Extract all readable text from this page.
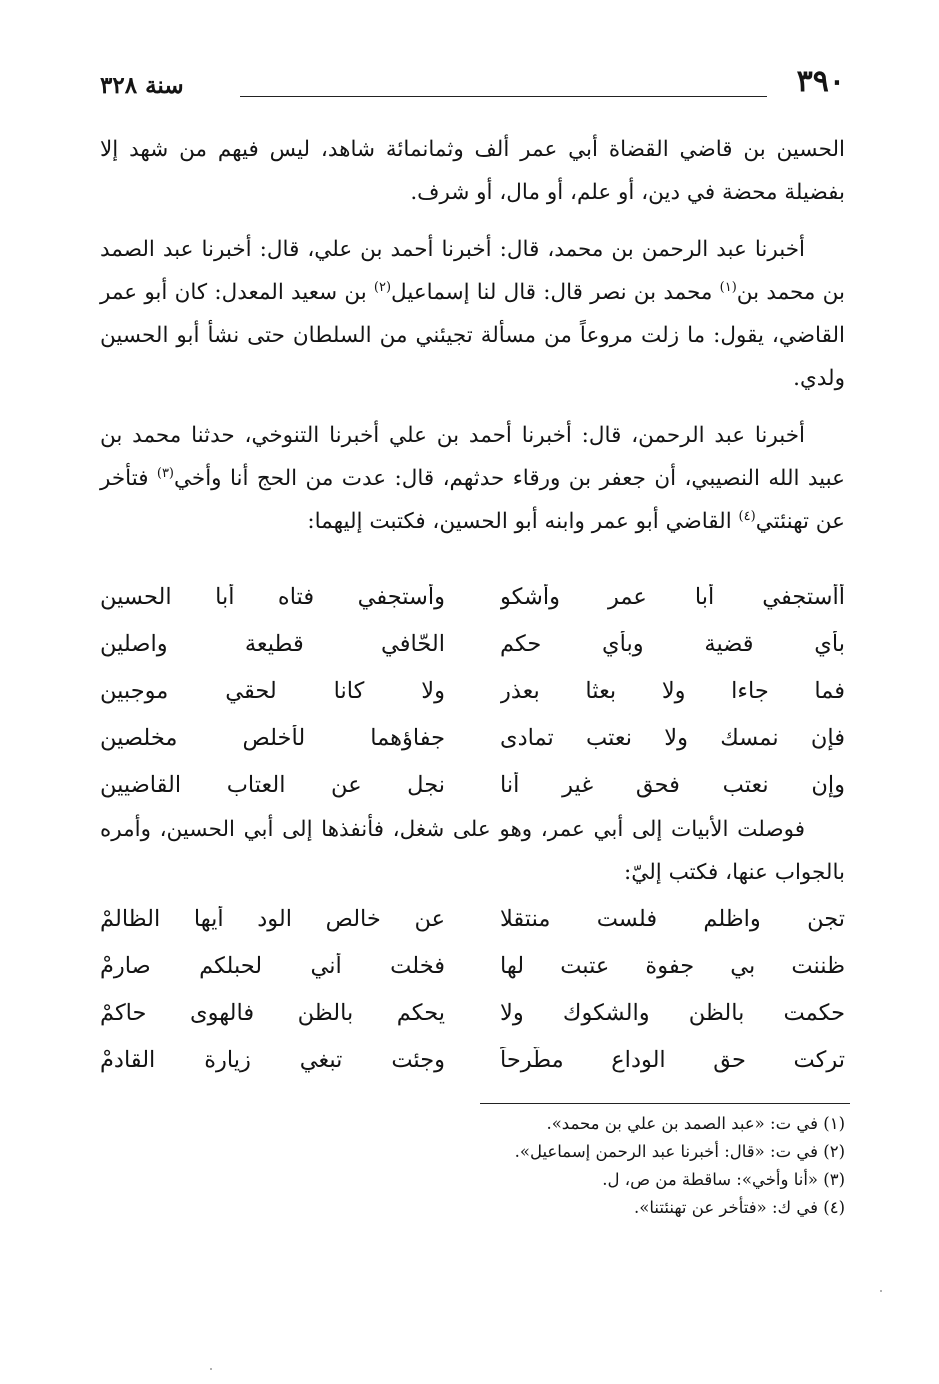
سنة ٣٢٨	٣٩٠

الحسين بن قاضي القضاة أبي عمر ألف وثمانمائة شاهد، ليس فيهم من شهد إلا بفضيلة محضة في دين، أو علم، أو مال، أو شرف.

أخبرنا عبد الرحمن بن محمد، قال: أخبرنا أحمد بن علي، قال: أخبرنا عبد الصمد بن محمد بن$^{(١)}$ محمد بن نصر قال: قال لنا إسماعيل$^{(٢)}$ بن سعيد المعدل: كان أبو عمر القاضي، يقول: ما زلت مروعاً من مسألة تجيئني من السلطان حتى نشأ أبو الحسين ولدي.

أخبرنا عبد الرحمن، قال: أخبرنا أحمد بن علي أخبرنا التنوخي، حدثنا محمد بن عبيد الله النصيبي، أن جعفر بن ورقاء حدثهم، قال: عدت من الحج أنا وأخي$^{(٣)}$ فتأخر عن تهنئتي$^{(٤)}$ القاضي أبو عمر وابنه أبو الحسين، فكتبت إليهما:

أأستجفي أبا عمر وأشكو
وأستجفي فتاه أبا الحسين
بأي قضية وبأي حكم
الحّافي قطيعة واصلين
فما جاءا ولا بعثا بعذر
ولا كانا لحقي موجبين
فإن نمسك ولا نعتب تمادى
جفاؤهما لأخلص مخلصين
وإن نعتب فحق غير أنا
نجل عن العتاب القاضيين

فوصلت الأبيات إلى أبي عمر، وهو على شغل، فأنفذها إلى أبي الحسين، وأمره بالجواب عنها، فكتب إليّ:

تجن واظلم فلست منتقلا
عن خالص الود أيها الظالمْ
ظننت بي جفوة عتبت لها
فخلت أني لحبلكم صارمْ
حكمت بالظن والشكوك ولا
يحكم بالظن فالهوى حاكمْ
تركت حق الوداع مطّرحاً
وجئت تبغي زيارة القادمْ
(١) في ت: «عبد الصمد بن علي بن محمد».
(٢) في ت: «قال: أخبرنا عبد الرحمن إسماعيل».
(٣) «أنا وأخي»: ساقطة من ص، ل.
(٤) في ك: «فتأخر عن تهنئتنا».
